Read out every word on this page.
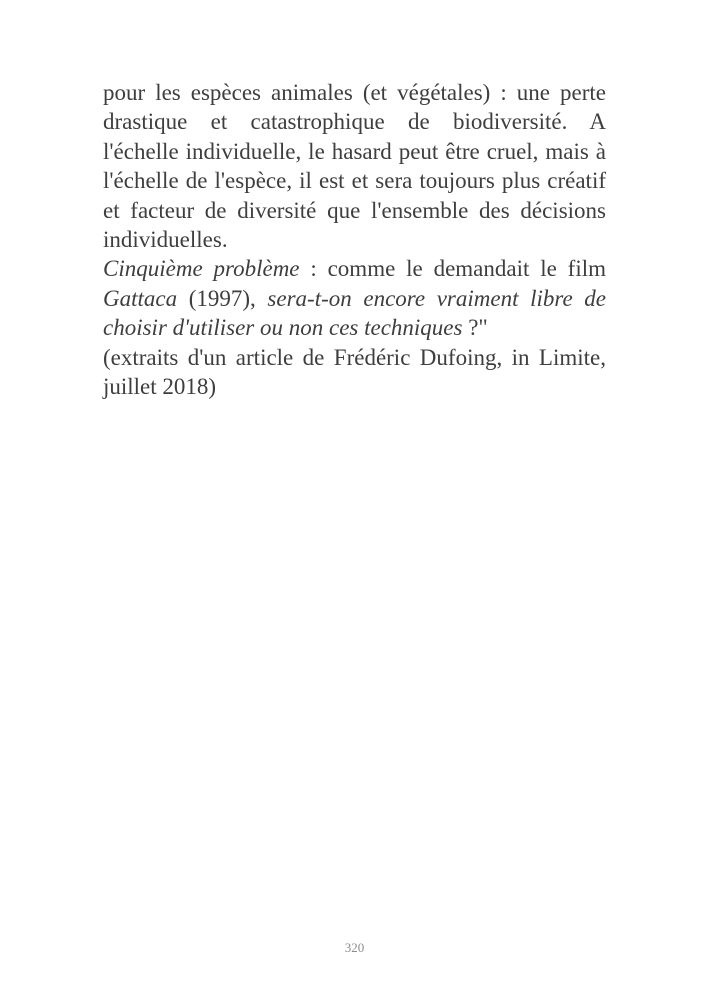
pour les espèces animales (et végétales) : une perte
drastique et catastrophique de biodiversité. A
l'échelle individuelle, le hasard peut être cruel, mais à
l'échelle de l'espèce, il est et sera toujours plus créatif
et facteur de diversité que l'ensemble des décisions
individuelles.
Cinquième problème : comme le demandait le film
Gattaca (1997), sera-t-on encore vraiment libre de
choisir d'utiliser ou non ces techniques ?"
(extraits d'un article de Frédéric Dufoing, in Limite,
juillet 2018)
320
